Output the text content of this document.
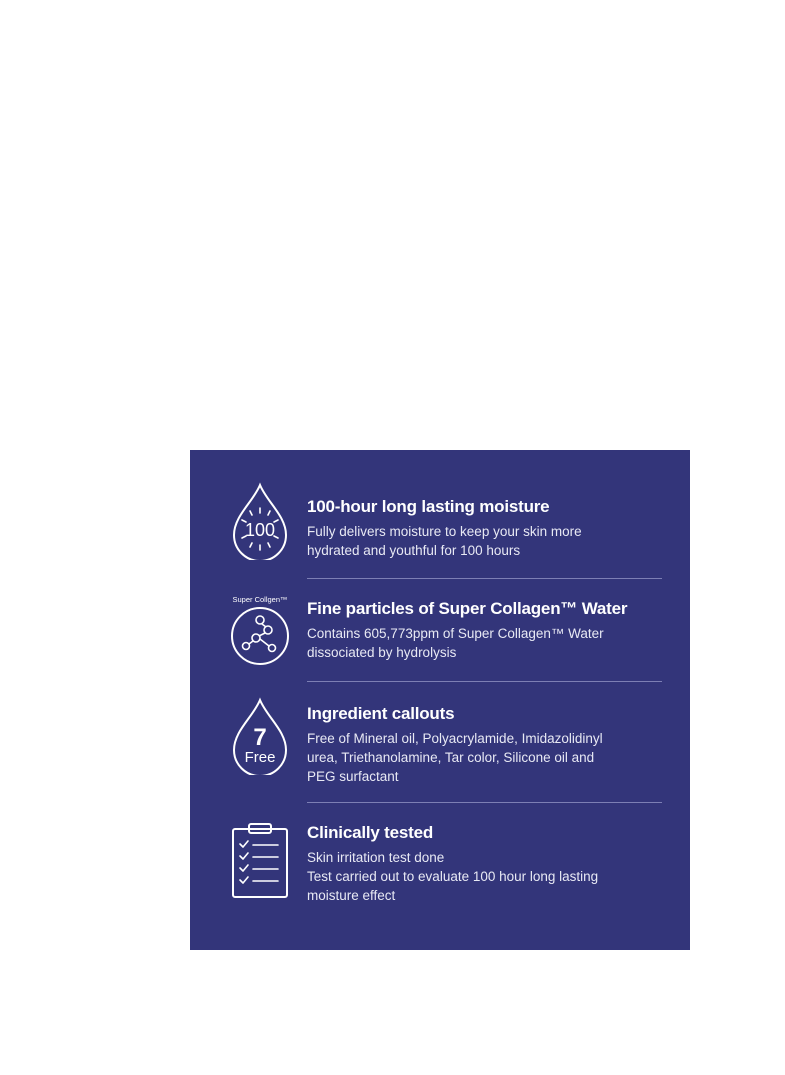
100

100-hour long lasting moisture

Fully delivers moisture to keep your skin more
hydrated and youthful for 100 hours

Super Collgen™ Fine particles of Super Collagen™ Water

Contains 605,773ppm of Super Collagen™ Water
dissociated by hydrolysis

7
Free

Ingredient callouts

Free of Mineral oil, Polyacrylamide, Imidazolidinyl
urea, Triethanolamine, Tar color, Silicone oil and
PEG surfactant

Clinically tested

Skin irritation test done
Test carried out to evaluate 100 hour long lasting
moisture effect
